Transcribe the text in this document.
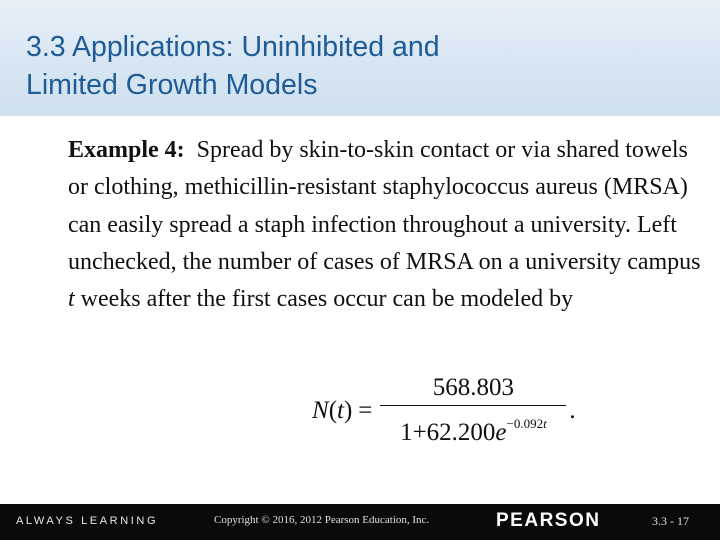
3.3 Applications: Uninhibited and
Limited Growth Models

Example 4: Spread by skin-to-skin contact or via shared towels or clothing, methicillin-resistant staphylococcus aureus (MRSA) can easily spread a staph infection throughout a university. Left unchecked, the number of cases of MRSA on a university campus t weeks after the first cases occur can be modeled by

$N(t) = \frac{568.803}{1+62.200e^{-0.092t}}$ .
ALWAYS LEARNING	Copyright © 2016, 2012 Pearson Education, Inc.	PEARSON	3.3 - 17
